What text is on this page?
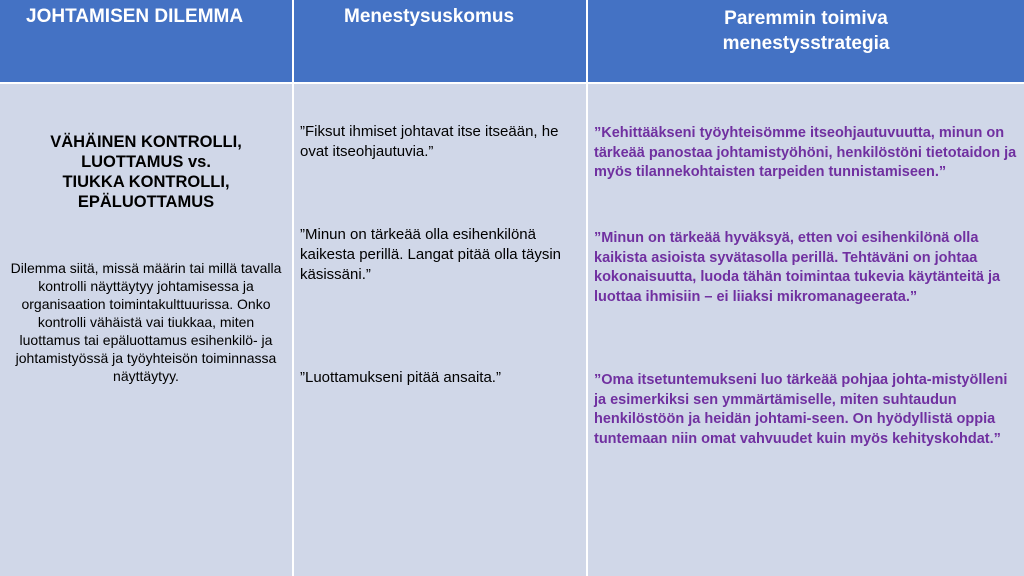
JOHTAMISEN DILEMMA	Menestysuskomus	Paremmin toimiva
menestysstrategia
VÄHÄINEN KONTROLLI,
LUOTTAMUS vs.
TIUKKA KONTROLLI,
EPÄLUOTTAMUS
Dilemma siitä, missä määrin tai millä tavalla kontrolli näyttäytyy johtamisessa ja organisaation toimintakulttuurissa. Onko kontrolli vähäistä vai tiukkaa, miten luottamus tai epäluottamus esihenkilö- ja johtamistyössä ja työyhteisön toiminnassa näyttäytyy.
”Fiksut ihmiset johtavat itse itseään, he ovat itseohjautuvia.”
”Minun on tärkeää olla esihenkilönä kaikesta perillä. Langat pitää olla täysin käsissäni.”
”Luottamukseni pitää ansaita.”
”Kehittääkseni työyhteisömme itseohjautuvuutta, minun on tärkeää panostaa johtamistyöhöni, henkilöstöni tietotaidon ja myös tilannekohtaisten tarpeiden tunnistamiseen.”
”Minun on tärkeää hyväksyä, etten voi esihenkilönä olla kaikista asioista syvätasolla perillä. Tehtäväni on johtaa kokonaisuutta, luoda tähän toimintaa tukevia käytänteitä ja luottaa ihmisiin – ei liiaksi mikromanageerata.”
”Oma itsetuntemukseni luo tärkeää pohjaa johta-mistyölleni ja esimerkiksi sen ymmärtämiselle, miten suhtaudun henkilöstöön ja heidän johtami-seen. On hyödyllistä oppia tuntemaan niin omat vahvuudet kuin myös kehityskohdat.”
